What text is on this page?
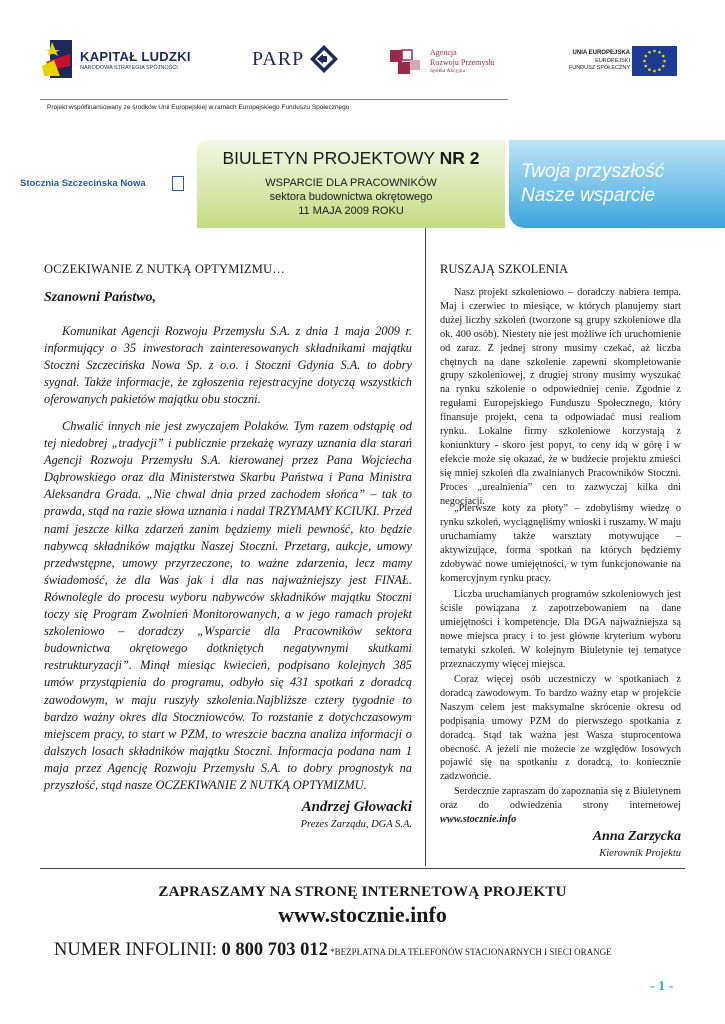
KAPITAŁ LUDZKI
NARODOWA STRATEGIA SPÓJNOŚCI	PARP	Agencja
Rozwoju Przemysłu
Spółka Akcyjna
UNIA EUROPEJSKA
EUROPEJSKI
FUNDUSZ SPOŁECZNY
Projekt współfinansowany ze środków Unii Europejskiej w ramach Europejskiego Funduszu Społecznego
Stocznia Szczecińska Nowa
BIULETYN PROJEKTOWY NR 2
WSPARCIE DLA PRACOWNIKÓW
sektora budownictwa okrętowego
11 MAJA 2009 ROKU
Twoja przyszłość
Nasze wsparcie
OCZEKIWANIE Z NUTKĄ OPTYMIZMU…
Szanowni Państwo,

Komunikat Agencji Rozwoju Przemysłu S.A. z dnia 1 maja 2009 r. informujący o 35 inwestorach zainteresowanych składnikami majątku Stoczni Szczecińska Nowa Sp. z o.o. i Stoczni Gdynia S.A. to dobry sygnał. Także informacje, że zgłoszenia rejestracyjne dotyczą wszystkich oferowanych pakietów majątku obu stoczni.

Chwalić innych nie jest zwyczajem Polaków. Tym razem odstąpię od tej niedobrej „tradycji” i publicznie przekażę wyrazy uznania dla starań Agencji Rozwoju Przemysłu S.A. kierowanej przez Pana Wojciecha Dąbrowskiego oraz dla Ministerstwa Skarbu Państwa i Pana Ministra Aleksandra Grada. „Nie chwal dnia przed zachodem słońca” – tak to prawda, stąd na razie słowa uznania i nadal TRZYMAMY KCIUKI. Przed nami jeszcze kilka zdarzeń zanim będziemy mieli pewność, kto będzie nabywcą składników majątku Naszej Stoczni. Przetarg, aukcje, umowy przedwstępne, umowy przyrzeczone, to ważne zdarzenia, lecz mamy świadomość, że dla Was jak i dla nas najważniejszy jest FINAŁ. Równolegle do procesu wyboru nabywców składników majątku Stoczni toczy się Program Zwolnień Monitorowanych, a w jego ramach projekt szkoleniowo – doradczy „Wsparcie dla Pracowników sektora budownictwa okrętowego dotkniętych negatywnymi skutkami restrukturyzacji”. Minął miesiąc kwiecień, podpisano kolejnych 385 umów przystąpienia do programu, odbyło się 431 spotkań z doradcą zawodowym, w maju ruszyły szkolenia.Najbliższe cztery tygodnie to bardzo ważny okres dla Stoczniowców. To rozstanie z dotychczasowym miejscem pracy, to start w PZM, to wreszcie baczna analiza informacji o dalszych losach składników majątku Stoczni. Informacja podana nam 1 maja przez Agencję Rozwoju Przemysłu S.A. to dobry prognostyk na przyszłość, stąd nasze OCZEKIWANIE Z NUTKĄ OPTYMIZMU.

Andrzej Głowacki
Prezes Zarządu, DGA S.A.
RUSZAJĄ SZKOLENIA

Nasz projekt szkoleniowo – doradczy nabiera tempa. Maj i czerwiec to miesiące, w których planujemy start dużej liczby szkoleń (tworzone są grupy szkoleniowe dla ok. 400 osób). Niestety nie jest możliwe ich uruchomienie od zaraz. Z jednej strony musimy czekać, aż liczba chętnych na dane szkolenie zapewni skompletowanie grupy szkoleniowej, z drugiej strony musimy wyszukać na rynku szkolenie o odpowiedniej cenie. Zgodnie z regułami Europejskiego Funduszu Społecznego, który finansuje projekt, cena ta odpowiadać musi realiom rynku. Lokalne firmy szkoleniowe korzystają z koniunktury - skoro jest popyt, to ceny idą w górę i w efekcie może się okazać, że w budżecie projektu zmieści się mniej szkoleń dla zwalnianych Pracowników Stoczni. Proces „urealnienia” cen to zazwyczaj kilka dni negocjacji.

„Pierwsze koty za płoty” – zdobyliśmy wiedzę o rynku szkoleń, wyciągnęliśmy wnioski i ruszamy. W maju uruchamiamy także warsztaty motywujące – aktywizujące, forma spotkań na których będziemy zdobywać nowe umiejętności, w tym funkcjonowanie na komercyjnym rynku pracy.

Liczba uruchamianych programów szkoleniowych jest ściśle powiązana z zapotrzebowaniem na dane umiejętności i kompetencje. Dla DGA najważniejsza są nowe miejsca pracy i to jest główne kryterium wyboru tematyki szkoleń. W kolejnym Biuletynie tej tematyce przeznaczymy więcej miejsca.

Coraz więcej osób uczestniczy w spotkaniach z doradcą zawodowym. To bardzo ważny etap w projekcie Naszym celem jest maksymalne skrócenie okresu od podpisania umowy PZM do pierwszego spotkania z doradcą. Stąd tak ważna jest Wasza stuprocentowa obecność. A jeżeli nie możecie ze względów losowych pojawić się na spotkaniu z doradcą, to koniecznie zadzwońcie.

Serdecznie zapraszam do zapoznania się z Biuletynem oraz do odwiedzenia strony internetowej www.stocznie.info

Anna Zarzycka
Kierownik Projektu
ZAPRASZAMY NA STRONĘ INTERNETOWĄ PROJEKTU
www.stocznie.info
NUMER INFOLINII: 0 800 703 012 *BEZPŁATNA DLA TELEFONÓW STACJONARNYCH I SIECI ORANGE
- 1 -
